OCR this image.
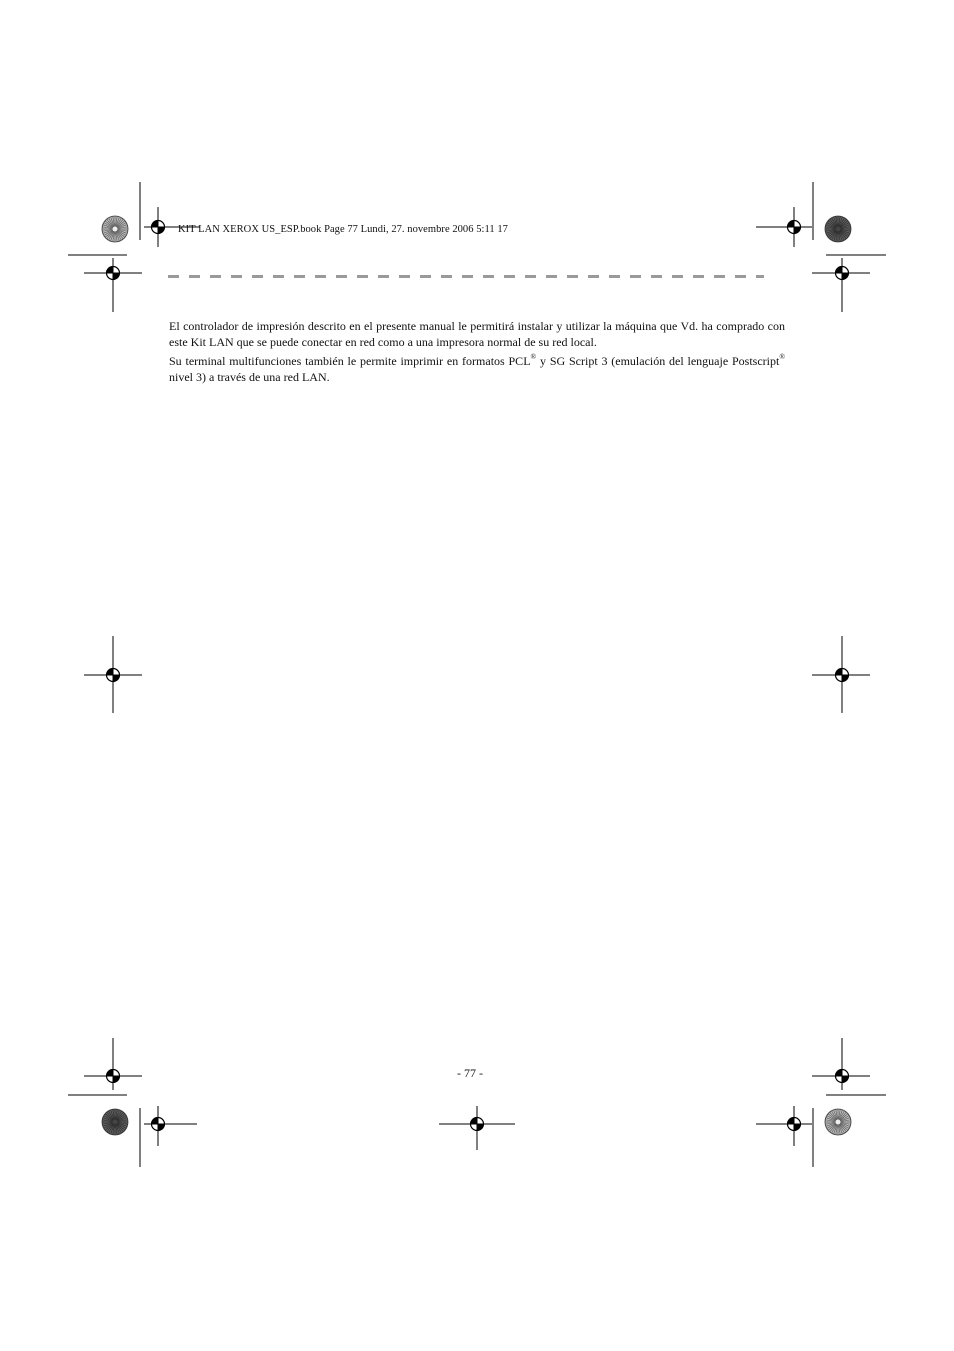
KIT LAN XEROX US_ESP.book Page 77 Lundi, 27. novembre 2006 5:11 17

El controlador de impresión descrito en el presente manual le permitirá instalar y utilizar la máquina que Vd. ha comprado con este Kit LAN que se puede conectar en red como a una impresora normal de su red local.

Su terminal multifunciones también le permite imprimir en formatos PCL® y SG Script 3 (emulación del lenguaje Postscript® nivel 3) a través de una red LAN.

- 77 -
